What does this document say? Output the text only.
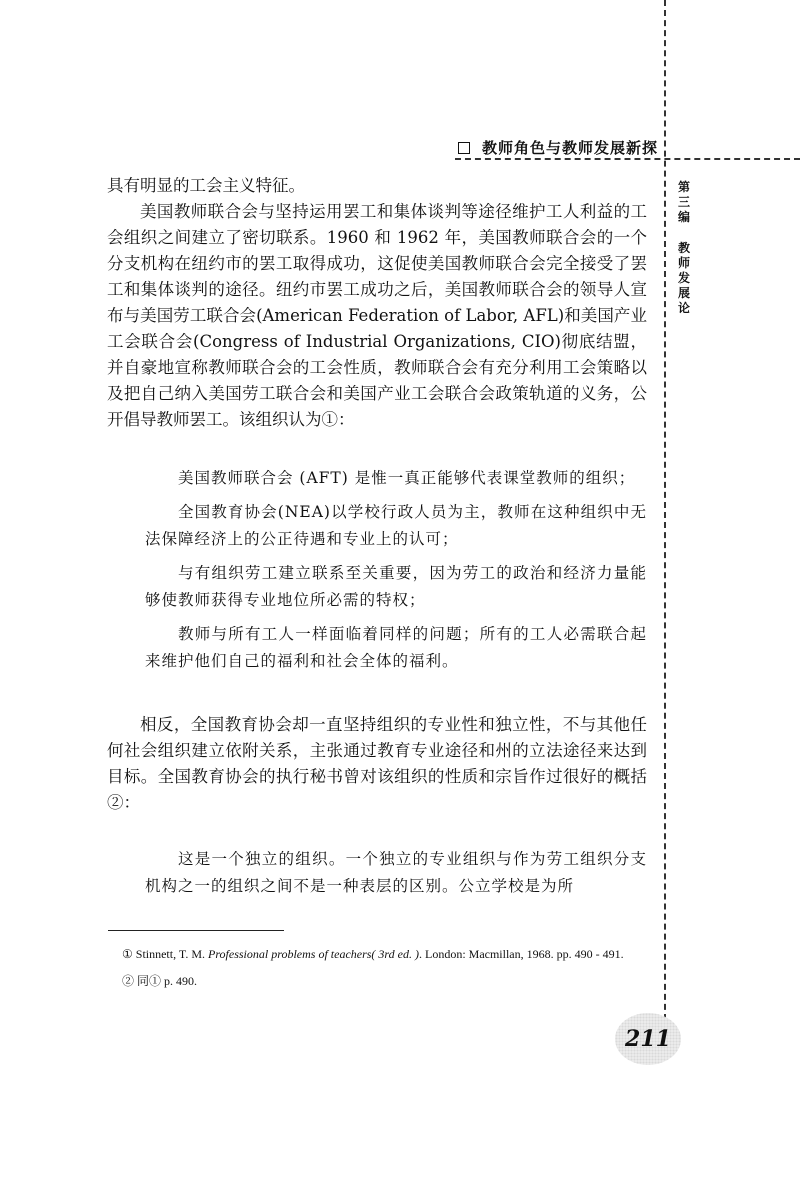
教师角色与教师发展新探
第三编
教师发展论

具有明显的工会主义特征。

美国教师联合会与坚持运用罢工和集体谈判等途径维护工人利益的工会组织之间建立了密切联系。1960 和 1962 年，美国教师联合会的一个分支机构在纽约市的罢工取得成功，这促使美国教师联合会完全接受了罢工和集体谈判的途径。纽约市罢工成功之后，美国教师联合会的领导人宣布与美国劳工联合会(American Federation of Labor, AFL)和美国产业工会联合会(Congress of Industrial Organizations, CIO)彻底结盟，并自豪地宣称教师联合会的工会性质，教师联合会有充分利用工会策略以及把自己纳入美国劳工联合会和美国产业工会联合会政策轨道的义务，公开倡导教师罢工。该组织认为①：

美国教师联合会 (AFT) 是惟一真正能够代表课堂教师的组织；

全国教育协会(NEA)以学校行政人员为主，教师在这种组织中无法保障经济上的公正待遇和专业上的认可；

与有组织劳工建立联系至关重要，因为劳工的政治和经济力量能够使教师获得专业地位所必需的特权；

教师与所有工人一样面临着同样的问题；所有的工人必需联合起来维护他们自己的福利和社会全体的福利。

相反，全国教育协会却一直坚持组织的专业性和独立性，不与其他任何社会组织建立依附关系，主张通过教育专业途径和州的立法途径来达到目标。全国教育协会的执行秘书曾对该组织的性质和宗旨作过很好的概括②：

这是一个独立的组织。一个独立的专业组织与作为劳工组织分支机构之一的组织之间不是一种表层的区别。公立学校是为所

① Stinnett, T. M. Professional problems of teachers( 3rd ed. ). London: Macmillan, 1968. pp. 490 - 491.

② 同① p. 490.

211
